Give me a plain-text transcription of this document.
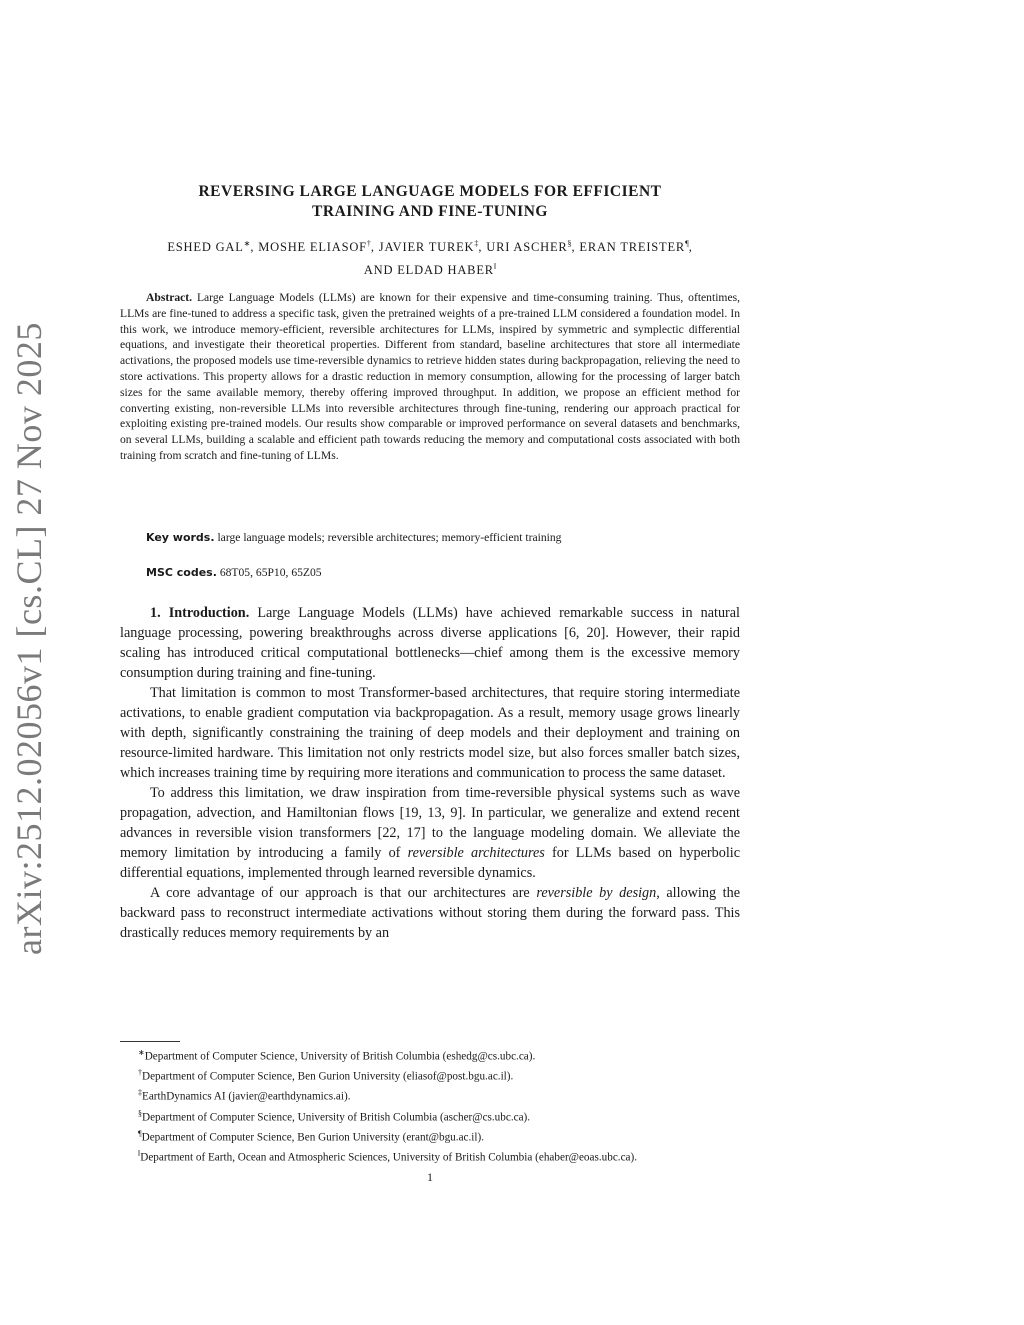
arXiv:2512.02056v1 [cs.CL] 27 Nov 2025
REVERSING LARGE LANGUAGE MODELS FOR EFFICIENT
TRAINING AND FINE-TUNING
ESHED GAL∗, MOSHE ELIASOF†, JAVIER TUREK‡, URI ASCHER§, ERAN TREISTER¶,
AND ELDAD HABER‖
Abstract. Large Language Models (LLMs) are known for their expensive and time-consuming training. Thus, oftentimes, LLMs are fine-tuned to address a specific task, given the pretrained weights of a pre-trained LLM considered a foundation model. In this work, we introduce memory-efficient, reversible architectures for LLMs, inspired by symmetric and symplectic differential equations, and investigate their theoretical properties. Different from standard, baseline architectures that store all intermediate activations, the proposed models use time-reversible dynamics to retrieve hidden states during backpropagation, relieving the need to store activations. This property allows for a drastic reduction in memory consumption, allowing for the processing of larger batch sizes for the same available memory, thereby offering improved throughput. In addition, we propose an efficient method for converting existing, non-reversible LLMs into reversible architectures through fine-tuning, rendering our approach practical for exploiting existing pre-trained models. Our results show comparable or improved performance on several datasets and benchmarks, on several LLMs, building a scalable and efficient path towards reducing the memory and computational costs associated with both training from scratch and fine-tuning of LLMs.
Key words. large language models; reversible architectures; memory-efficient training
MSC codes. 68T05, 65P10, 65Z05

1. Introduction. Large Language Models (LLMs) have achieved remarkable success in natural language processing, powering breakthroughs across diverse applications [6, 20]. However, their rapid scaling has introduced critical computational bottlenecks—chief among them is the excessive memory consumption during training and fine-tuning.

That limitation is common to most Transformer-based architectures, that require storing intermediate activations, to enable gradient computation via backpropagation. As a result, memory usage grows linearly with depth, significantly constraining the training of deep models and their deployment and training on resource-limited hardware. This limitation not only restricts model size, but also forces smaller batch sizes, which increases training time by requiring more iterations and communication to process the same dataset.

To address this limitation, we draw inspiration from time-reversible physical systems such as wave propagation, advection, and Hamiltonian flows [19, 13, 9]. In particular, we generalize and extend recent advances in reversible vision transformers [22, 17] to the language modeling domain. We alleviate the memory limitation by introducing a family of reversible architectures for LLMs based on hyperbolic differential equations, implemented through learned reversible dynamics.

A core advantage of our approach is that our architectures are reversible by design, allowing the backward pass to reconstruct intermediate activations without storing them during the forward pass. This drastically reduces memory requirements by an

∗Department of Computer Science, University of British Columbia (eshedg@cs.ubc.ca).
†Department of Computer Science, Ben Gurion University (eliasof@post.bgu.ac.il).
‡EarthDynamics AI (javier@earthdynamics.ai).
§Department of Computer Science, University of British Columbia (ascher@cs.ubc.ca).
¶Department of Computer Science, Ben Gurion University (erant@bgu.ac.il).
‖Department of Earth, Ocean and Atmospheric Sciences, University of British Columbia (ehaber@eoas.ubc.ca).
1
